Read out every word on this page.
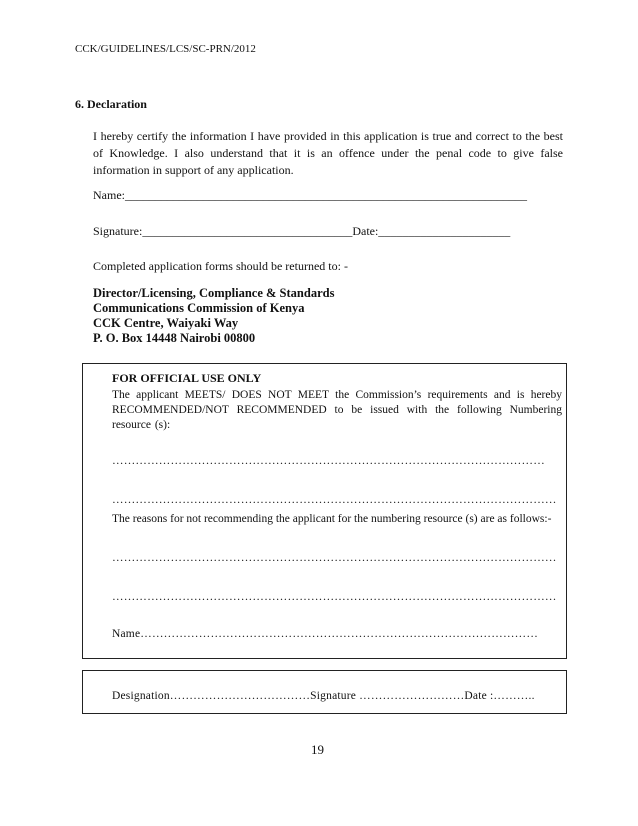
CCK/GUIDELINES/LCS/SC-PRN/2012
6. Declaration
I hereby certify the information I have provided in this application is true and correct to the best of Knowledge. I also understand that it is an offence under the penal code to give false information in support of any application.
Name:___________________________________________________________________
Signature:___________________________________Date:______________________
Completed application forms should be returned to: -
Director/Licensing, Compliance & Standards
Communications Commission of Kenya
CCK Centre, Waiyaki Way
P. O. Box 14448 Nairobi 00800
FOR OFFICIAL USE ONLY
The applicant MEETS/ DOES NOT MEET the Commission’s requirements and is hereby RECOMMENDED/NOT RECOMMENDED to be issued with the following Numbering resource (s):
…………………………………………………………………………………………………
……………………………………………………………………………………………………
The reasons for not recommending the applicant for the numbering resource (s) are as follows:-
……………………………………………………………………………………………………
……………………………………………………………………………………………………
Name…………………………………………………………………………………………
Designation………………………………Signature ………………………Date :………..
19
